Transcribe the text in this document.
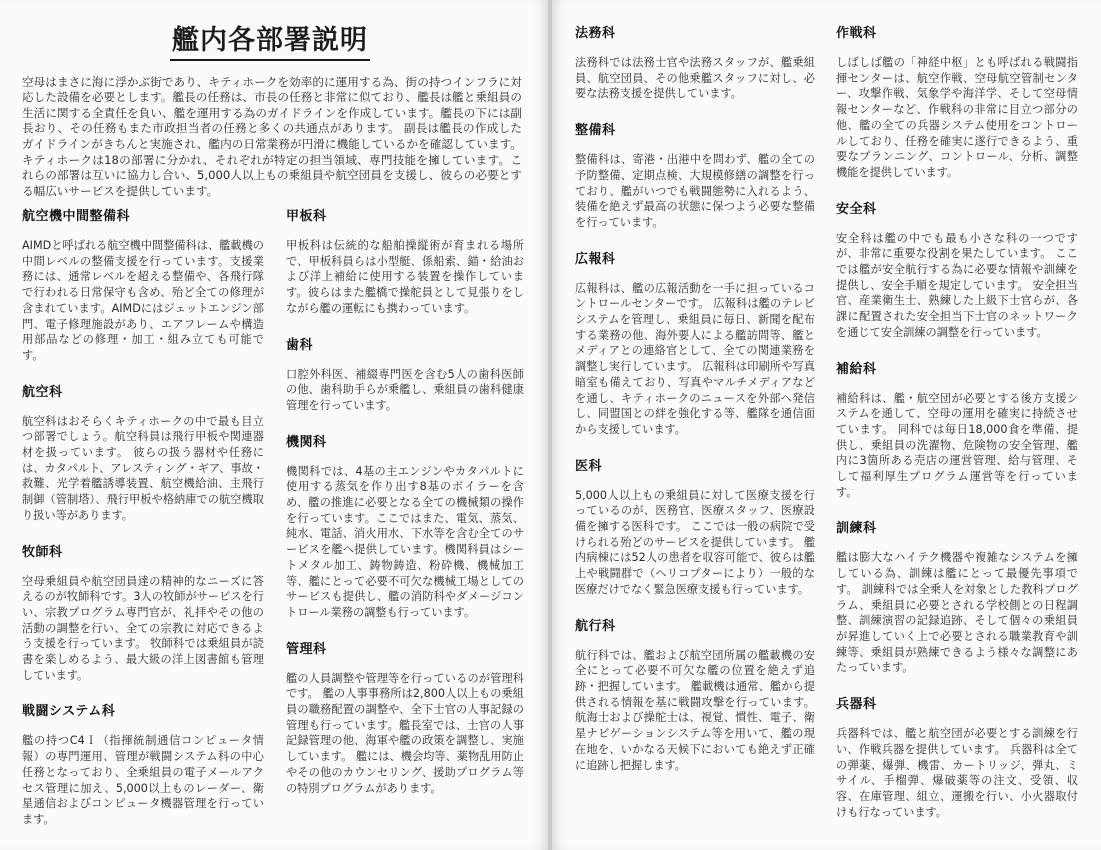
艦内各部署説明

空母はまさに海に浮かぶ街であり、キティホークを効率的に運用する為、街の持つインフラに対応した設備を必要とします。艦長の任務は、市長の任務と非常に似ており、艦長は艦と乗組員の生活に関する全責任を負い、艦を運用する為のガイドラインを作成しています。艦長の下には副長おり、その任務もまた市政担当者の任務と多くの共通点があります。 副長は艦長の作成したガイドラインがきちんと実施され、艦内の日常業務が円滑に機能しているかを確認しています。キティホークは18の部署に分かれ、それぞれが特定の担当領域、専門技能を擁しています。これらの部署は互いに協力し合い、5,000人以上もの乗組員や航空団員を支援し、彼らの必要とする幅広いサービスを提供しています。

航空機中間整備科

AIMDと呼ばれる航空機中間整備科は、艦載機の中間レベルの整備支援を行っています。支援業務には、通常レベルを超える整備や、各飛行隊で行われる日常保守も含め、殆ど全ての修理が含まれています。AIMDにはジェットエンジン部門、電子修理施設があり、エアフレームや構造用部品などの修理・加工・組み立ても可能です。

航空科

航空科はおそらくキティホークの中で最も目立つ部署でしょう。航空科員は飛行甲板や関連器材を扱っています。 彼らの扱う器材や任務には、カタパルト、アレスティング・ギア、事故・救難、光学着艦誘導装置、航空機給油、主飛行制御（管制塔）、飛行甲板や格納庫での航空機取り扱い等があります。

牧師科

空母乗組員や航空団員達の精神的なニーズに答えるのが牧師科です。3人の牧師がサービスを行い、宗教プログラム専門官が、礼拝やその他の活動の調整を行い、全ての宗教に対応できるよう支援を行っています。 牧師科では乗組員が読書を楽しめるよう、最大級の洋上図書館も管理しています。

戦闘システム科

艦の持つC4Ｉ（指揮統制通信コンピュータ情報）の専門運用、管理が戦闘システム科の中心任務となっており、全乗組員の電子メールアクセス管理に加え、5,000以上ものレーダー、衛星通信およびコンピュータ機器管理を行っています。

甲板科

甲板科は伝統的な船舶操縦術が育まれる場所で、甲板科員らは小型艇、係船索、錨・給油および洋上補給に使用する装置を操作しています。彼らはまた艦橋で操舵員として見張りをしながら艦の運転にも携わっています。

歯科

口腔外科医、補綴専門医を含む5人の歯科医師の他、歯科助手らが乗艦し、乗組員の歯科健康管理を行っています。

機関科

機関科では、4基の主エンジンやカタパルトに使用する蒸気を作り出す8基のボイラーを含め、艦の推進に必要となる全ての機械類の操作を行っています。ここではまた、電気、蒸気、純水、電話、消火用水、下水等を含む全てのサービスを艦へ提供しています。機関科員はシートメタル加工、鋳物鋳造、粉砕機、機械加工等、艦にとって必要不可欠な機械工場としてのサービスも提供し、艦の消防科やダメージコントロール業務の調整も行っています。

管理科

艦の人員調整や管理等を行っているのが管理科です。 艦の人事事務所は2,800人以上もの乗組員の職務配置の調整や、全下士官の人事記録の管理も行っています。艦長室では、士官の人事記録管理の他、海軍や艦の政策を調整し、実施しています。 艦には、機会均等、薬物乱用防止やその他のカウンセリング、援助プログラム等の特別プログラムがあります。

法務科

法務科では法務士官や法務スタッフが、艦乗組員、航空団員、その他乗艦スタッフに対し、必要な法務支援を提供しています。

整備科

整備科は、寄港・出港中を問わず、艦の全ての予防整備、定期点検、大規模修繕の調整を行っており、艦がいつでも戦闘態勢に入れるよう、装備を絶えず最高の状態に保つよう必要な整備を行っています。

広報科

広報科は、艦の広報活動を一手に担っているコントロールセンターです。 広報科は艦のテレビシステムを管理し、乗組員に毎日、新聞を配布する業務の他、海外要人による艦訪問等、艦とメディアとの連絡官として、全ての関連業務を調整し実行しています。 広報科は印刷所や写真暗室も備えており、写真やマルチメディアなどを通し、キティホークのニュースを外部へ発信し、同盟国との絆を強化する等、艦隊を通信面から支援しています。

医科

5,000人以上もの乗組員に対して医療支援を行っているのが、医務官、医療スタッフ、医療設備を擁する医科です。 ここでは一般の病院で受けられる殆どのサービスを提供しています。 艦内病棟には52人の患者を収容可能で、彼らは艦上や戦闘群で（ヘリコプターにより）一般的な医療だけでなく緊急医療支援も行っています。

航行科

航行科では、艦および航空団所属の艦載機の安全にとって必要不可欠な艦の位置を絶えず追跡・把握しています。 艦載機は通常、艦から提供される情報を基に戦闘攻撃を行っています。 航海士および操舵士は、視覚、慣性、電子、衛星ナビゲーションシステム等を用いて、艦の現在地を、いかなる天候下においても絶えず正確に追跡し把握します。

作戦科

しばしば艦の「神経中枢」とも呼ばれる戦闘指揮センターは、航空作戦、空母航空管制センター、攻撃作戦、気象学や海洋学、そして空母情報センターなど、作戦科の非常に目立つ部分の他、艦の全ての兵器システム使用をコントロールしており、任務を確実に遂行できるよう、重要なプランニング、コントロール、分析、調整機能を提供しています。

安全科

安全科は艦の中でも最も小さな科の一つですが、非常に重要な役割を果たしています。 ここでは艦が安全航行する為に必要な情報や訓練を提供し、安全手順を規定しています。 安全担当官、産業衛生士、熟練した上級下士官らが、各課に配置された安全担当下士官のネットワークを通じて安全訓練の調整を行っています。

補給科

補給科は、艦・航空団が必要とする後方支援システムを通して、空母の運用を確実に持続させています。 同科では毎日18,000食を準備、提供し、乗組員の洗濯物、危険物の安全管理、艦内に3箇所ある売店の運営管理、給与管理、そして福利厚生プログラム運営等を行っています。

訓練科

艦は膨大なハイテク機器や複雑なシステムを擁している為、訓練は艦にとって最優先事項です。 訓練科では全乗人を対象とした教科プログラム、乗組員に必要とされる学校側との日程調整、訓練演習の記録追跡、そして個々の乗組員が昇進していく上で必要とされる職業教育や訓練等、乗組員が熟練できるよう様々な調整にあたっています。

兵器科

兵器科では、艦と航空団が必要とする訓練を行い、作戦兵器を提供しています。 兵器科は全ての弾薬、爆弾、機雷、カートリッジ、弾丸、ミサイル、手榴弾、爆破薬等の注文、受領、収容、在庫管理、組立、運搬を行い、小火器取付けも行なっています。
